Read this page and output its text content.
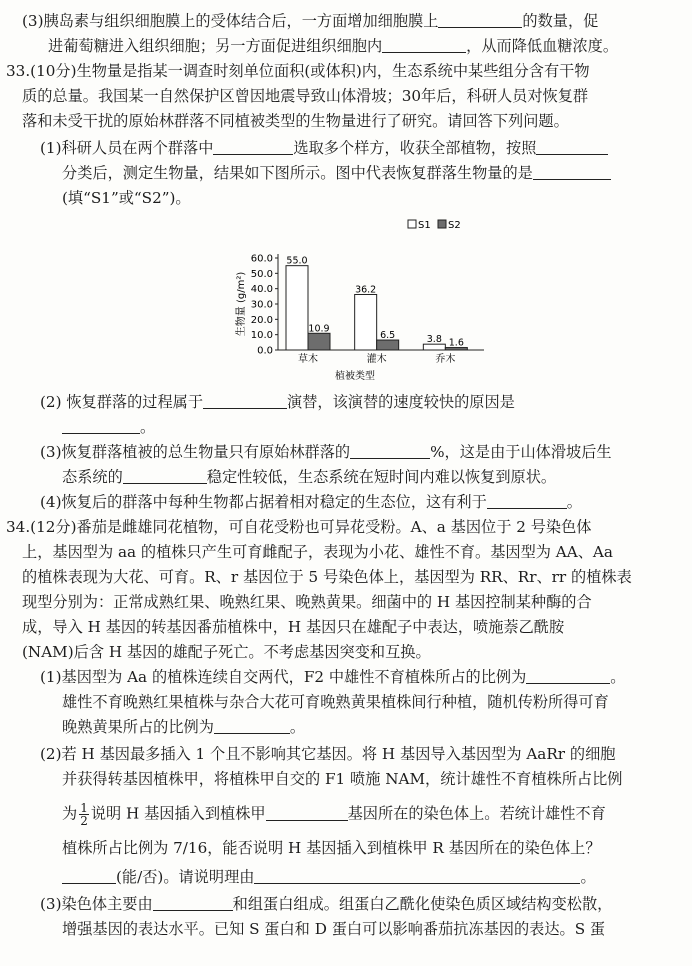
(3)胰岛素与组织细胞膜上的受体结合后，一方面增加细胞膜上	的数量，促
进葡萄糖进入组织细胞；另一方面促进组织细胞内	，从而降低血糖浓度。
33.(10分)生物量是指某一调查时刻单位面积(或体积)内，生态系统中某些组分含有干物
质的总量。我国某一自然保护区曾因地震导致山体滑坡；30年后，科研人员对恢复群
落和未受干扰的原始林群落不同植被类型的生物量进行了研究。请回答下列问题。
(1)科研人员在两个群落中	选取多个样方，收获全部植物，按照
分类后，测定生物量，结果如下图所示。图中代表恢复群落生物量的是
(填“S1”或“S2”)。
(2) 恢复群落的过程属于	演替，该演替的速度较快的原因是
。
(3)恢复群落植被的总生物量只有原始林群落的	%，这是由于山体滑坡后生
态系统的	稳定性较低，生态系统在短时间内难以恢复到原状。
(4)恢复后的群落中每种生物都占据着相对稳定的生态位，这有利于	。
34.(12分)番茄是雌雄同花植物，可自花受粉也可异花受粉。A、a 基因位于 2 号染色体
上，基因型为 aa 的植株只产生可育雌配子，表现为小花、雄性不育。基因型为 AA、Aa
的植株表现为大花、可育。R、r 基因位于 5 号染色体上，基因型为 RR、Rr、rr 的植株表
现型分别为：正常成熟红果、晚熟红果、晚熟黄果。细菌中的 H 基因控制某种酶的合
成，导入 H 基因的转基因番茄植株中，H 基因只在雄配子中表达，喷施萘乙酰胺
(NAM)后含 H 基因的雄配子死亡。不考虑基因突变和互换。
(1)基因型为 Aa 的植株连续自交两代，F2 中雄性不育植株所占的比例为	。
雄性不育晚熟红果植株与杂合大花可育晚熟黄果植株间行种植，随机传粉所得可育
晚熟黄果所占的比例为	。
(2)若 H 基因最多插入 1 个且不影响其它基因。将 H 基因导入基因型为 AaRr 的细胞
并获得转基因植株甲，将植株甲自交的 F1 喷施 NAM，统计雄性不育植株所占比例
为 $\frac{1}{2}$ 说明 H 基因插入到植株甲	基因所在的染色体上。若统计雄性不育
植株所占比例为 7/16，能否说明 H 基因插入到植株甲 R 基因所在的染色体上？
(能/否)。请说明理由	。
(3)染色体主要由	和组蛋白组成。组蛋白乙酰化使染色质区域结构变松散，
增强基因的表达水平。已知 S 蛋白和 D 蛋白可以影响番茄抗冻基因的表达。S 蛋
S1 S2
0.0
10.0
20.0
30.0
40.0
50.0
60.0 55.0
10.9
草木
36.2
6.5
灌木
3.8 1.6
乔木
生物量 (g/m²)
植被类型
